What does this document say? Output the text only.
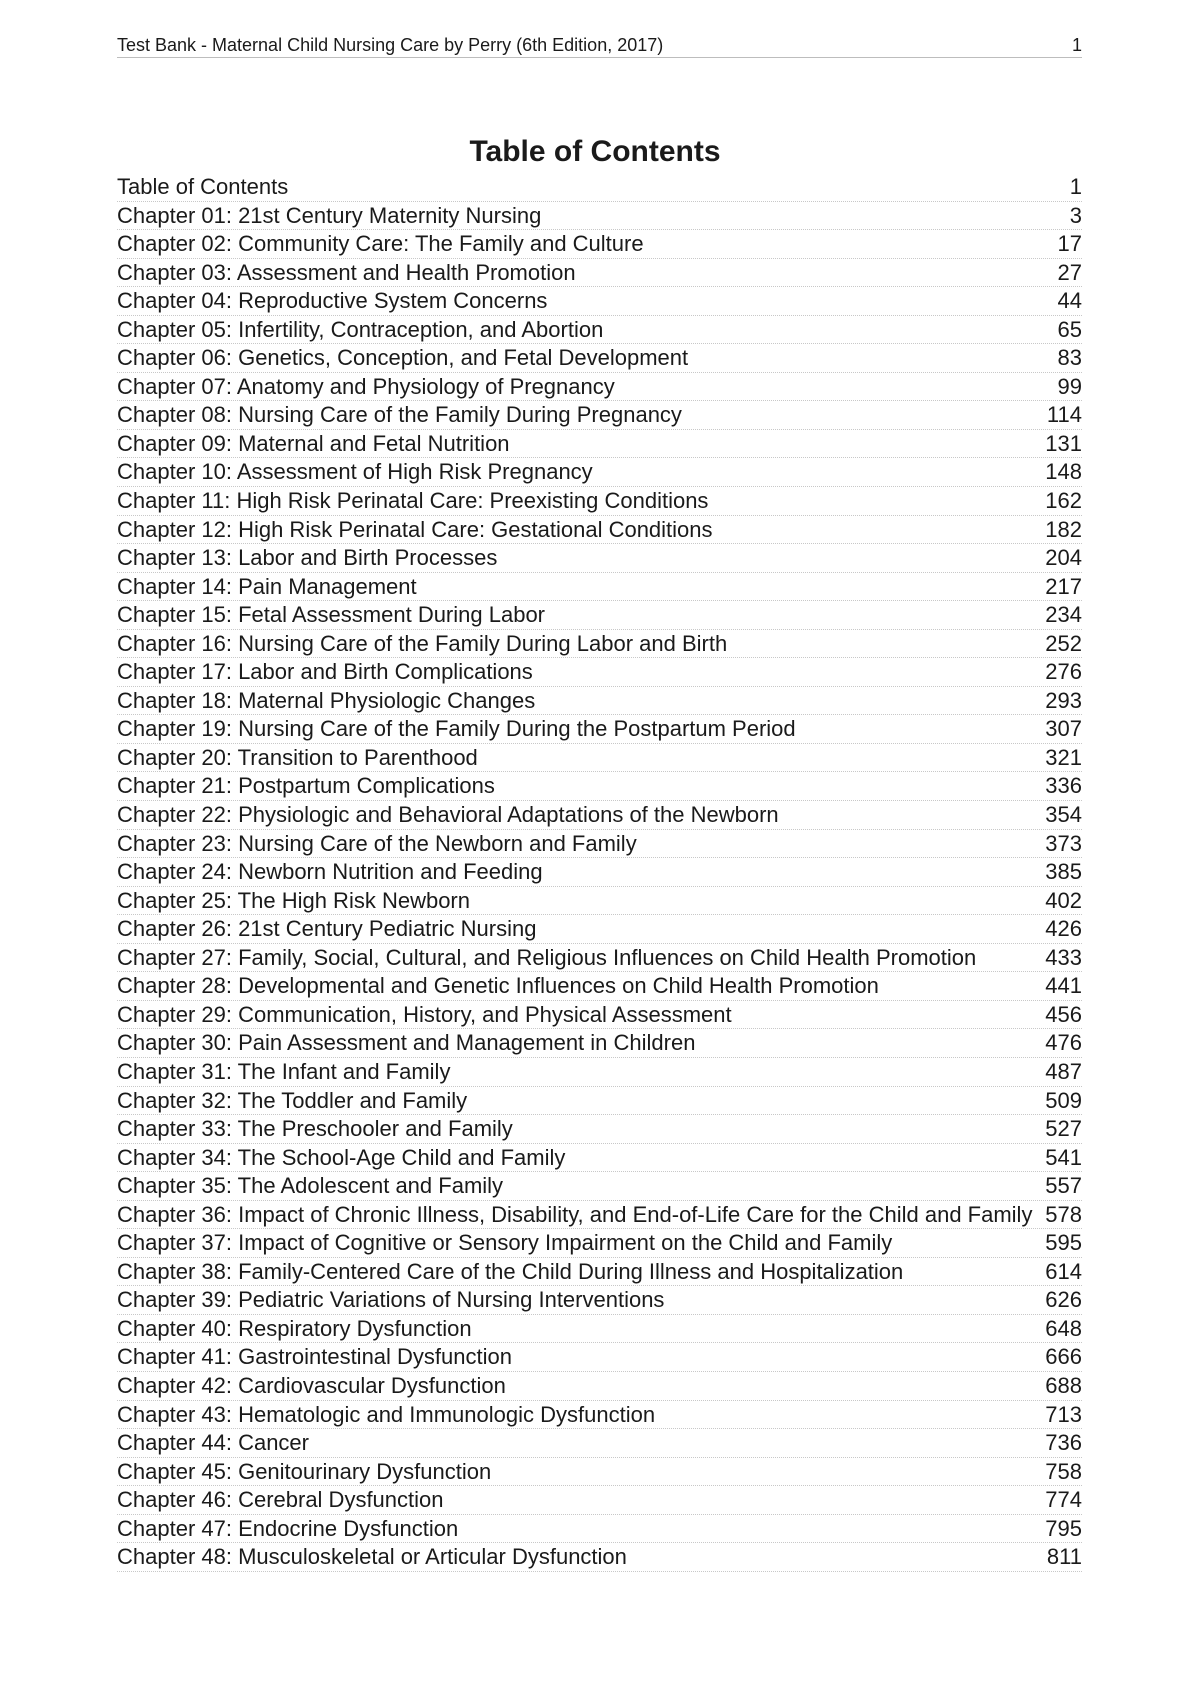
Test Bank - Maternal Child Nursing Care by Perry (6th Edition, 2017)	1
Table of Contents
Table of Contents	1
Chapter 01: 21st Century Maternity Nursing	3
Chapter 02: Community Care: The Family and Culture	17
Chapter 03: Assessment and Health Promotion	27
Chapter 04: Reproductive System Concerns	44
Chapter 05: Infertility, Contraception, and Abortion	65
Chapter 06: Genetics, Conception, and Fetal Development	83
Chapter 07: Anatomy and Physiology of Pregnancy	99
Chapter 08: Nursing Care of the Family During Pregnancy	114
Chapter 09: Maternal and Fetal Nutrition	131
Chapter 10: Assessment of High Risk Pregnancy	148
Chapter 11: High Risk Perinatal Care: Preexisting Conditions	162
Chapter 12: High Risk Perinatal Care: Gestational Conditions	182
Chapter 13: Labor and Birth Processes	204
Chapter 14: Pain Management	217
Chapter 15: Fetal Assessment During Labor	234
Chapter 16: Nursing Care of the Family During Labor and Birth	252
Chapter 17: Labor and Birth Complications	276
Chapter 18: Maternal Physiologic Changes	293
Chapter 19: Nursing Care of the Family During the Postpartum Period	307
Chapter 20: Transition to Parenthood	321
Chapter 21: Postpartum Complications	336
Chapter 22: Physiologic and Behavioral Adaptations of the Newborn	354
Chapter 23: Nursing Care of the Newborn and Family	373
Chapter 24: Newborn Nutrition and Feeding	385
Chapter 25: The High Risk Newborn	402
Chapter 26: 21st Century Pediatric Nursing	426
Chapter 27: Family, Social, Cultural, and Religious Influences on Child Health Promotion	433
Chapter 28: Developmental and Genetic Influences on Child Health Promotion	441
Chapter 29: Communication, History, and Physical Assessment	456
Chapter 30: Pain Assessment and Management in Children	476
Chapter 31: The Infant and Family	487
Chapter 32: The Toddler and Family	509
Chapter 33: The Preschooler and Family	527
Chapter 34: The School-Age Child and Family	541
Chapter 35: The Adolescent and Family	557
Chapter 36: Impact of Chronic Illness, Disability, and End-of-Life Care for the Child and Family 578
Chapter 37: Impact of Cognitive or Sensory Impairment on the Child and Family	595
Chapter 38: Family-Centered Care of the Child During Illness and Hospitalization	614
Chapter 39: Pediatric Variations of Nursing Interventions	626
Chapter 40: Respiratory Dysfunction	648
Chapter 41: Gastrointestinal Dysfunction	666
Chapter 42: Cardiovascular Dysfunction	688
Chapter 43: Hematologic and Immunologic Dysfunction	713
Chapter 44: Cancer	736
Chapter 45: Genitourinary Dysfunction	758
Chapter 46: Cerebral Dysfunction	774
Chapter 47: Endocrine Dysfunction	795
Chapter 48: Musculoskeletal or Articular Dysfunction	811
